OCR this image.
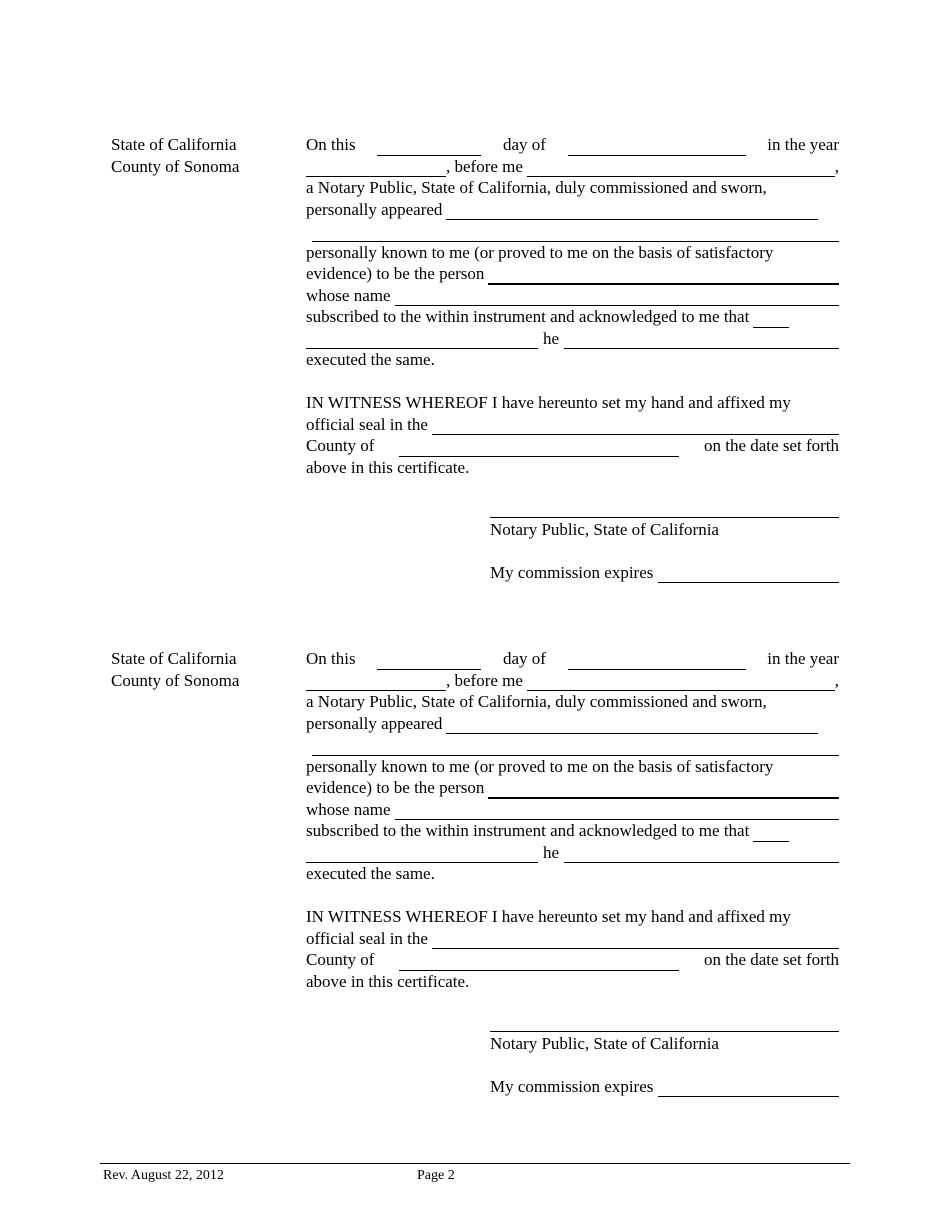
State of California
County of Sonoma
On this	day of	in the year
, before me	,
a Notary Public, State of California, duly commissioned and sworn,
personally appeared
personally known to me (or proved to me on the basis of satisfactory
evidence) to be the person
whose name
subscribed to the within instrument and acknowledged to me that
he
executed the same.
IN WITNESS WHEREOF I have hereunto set my hand and affixed my
official seal in the
County of	on the date set forth
above in this certificate.
Notary Public, State of California
My commission expires
State of California
County of Sonoma
On this	day of	in the year
, before me	,
a Notary Public, State of California, duly commissioned and sworn,
personally appeared
personally known to me (or proved to me on the basis of satisfactory
evidence) to be the person
whose name
subscribed to the within instrument and acknowledged to me that
he
executed the same.
IN WITNESS WHEREOF I have hereunto set my hand and affixed my
official seal in the
County of	on the date set forth
above in this certificate.
Notary Public, State of California
My commission expires
Rev. August 22, 2012	Page 2
